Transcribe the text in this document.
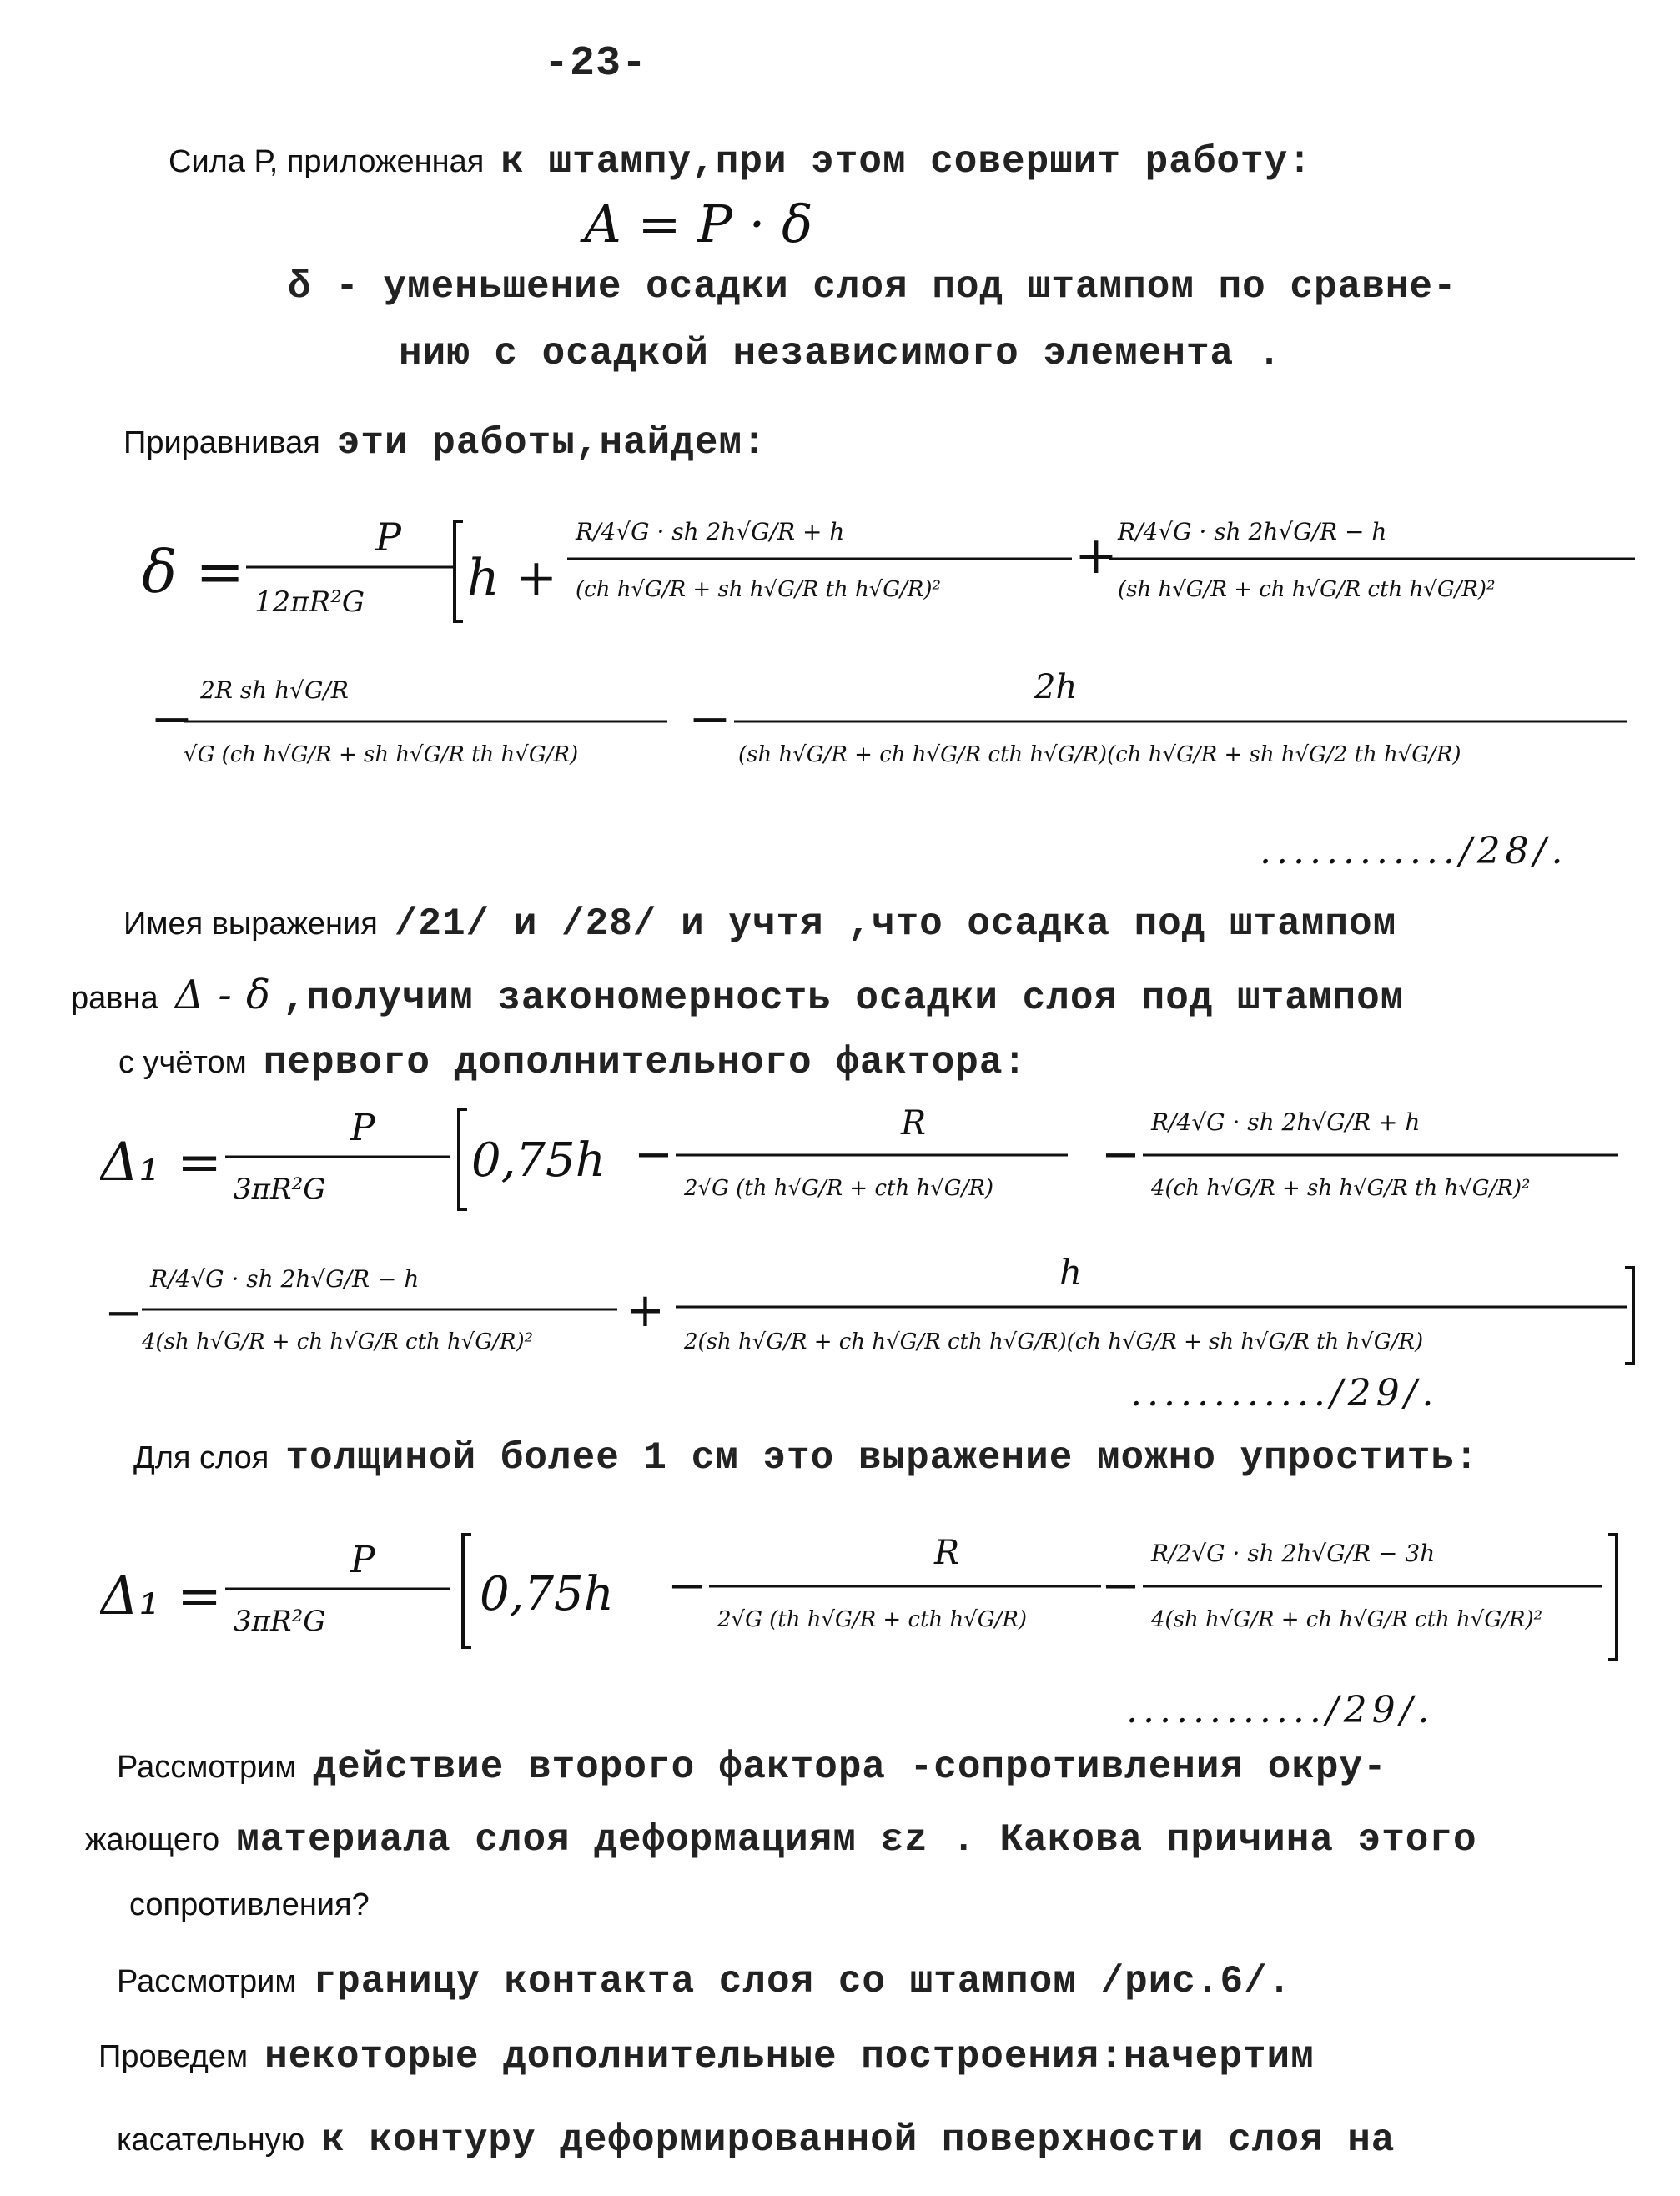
-23-
Сила Р, приложенная к штампу,при этом совершит работу:
A = P · δ
δ - уменьшение осадки слоя под штампом по сравне-
нию с осадкой независимого элемента .
Приравнивая эти работы,найдем:
δ =
P
12πR²G h +
R/4√G · sh 2h√G/R + h
(ch h√G/R + sh h√G/R th h√G/R)²
+ R/4√G · sh 2h√G/R − h
(sh h√G/R + ch h√G/R cth h√G/R)²
− 2R sh h√G/R
√G (ch h√G/R + sh h√G/R th h√G/R)
−
2h
(sh h√G/R + ch h√G/R cth h√G/R)(ch h√G/R + sh h√G/2 th h√G/R)
............/28/.
Имея выражения /21/ и /28/ и учтя ,что осадка под штампом
равна Δ - δ ,получим закономерность осадки слоя под штампом
с учётом первого дополнительного фактора:
Δ₁ =
P
3πR²G
0,75h −
R
2√G (th h√G/R + cth h√G/R)
−
R/4√G · sh 2h√G/R + h
4(ch h√G/R + sh h√G/R th h√G/R)²
−
R/4√G · sh 2h√G/R − h
4(sh h√G/R + ch h√G/R cth h√G/R)²
+
h
2(sh h√G/R + ch h√G/R cth h√G/R)(ch h√G/R + sh h√G/R th h√G/R)
............/29/.
Для слоя толщиной более 1 см это выражение можно упростить:
Δ₁ =
P
3πR²G	0,75h −
R
2√G (th h√G/R + cth h√G/R)
−
R/2√G · sh 2h√G/R − 3h
4(sh h√G/R + ch h√G/R cth h√G/R)²
............/29/.
Рассмотрим действие второго фактора -сопротивления окру-
жающего материала слоя деформациям εz . Какова причина этого
сопротивления?
Рассмотрим границу контакта слоя со штампом /рис.6/.
Проведем некоторые дополнительные построения:начертим
касательную к контуру деформированной поверхности слоя на
